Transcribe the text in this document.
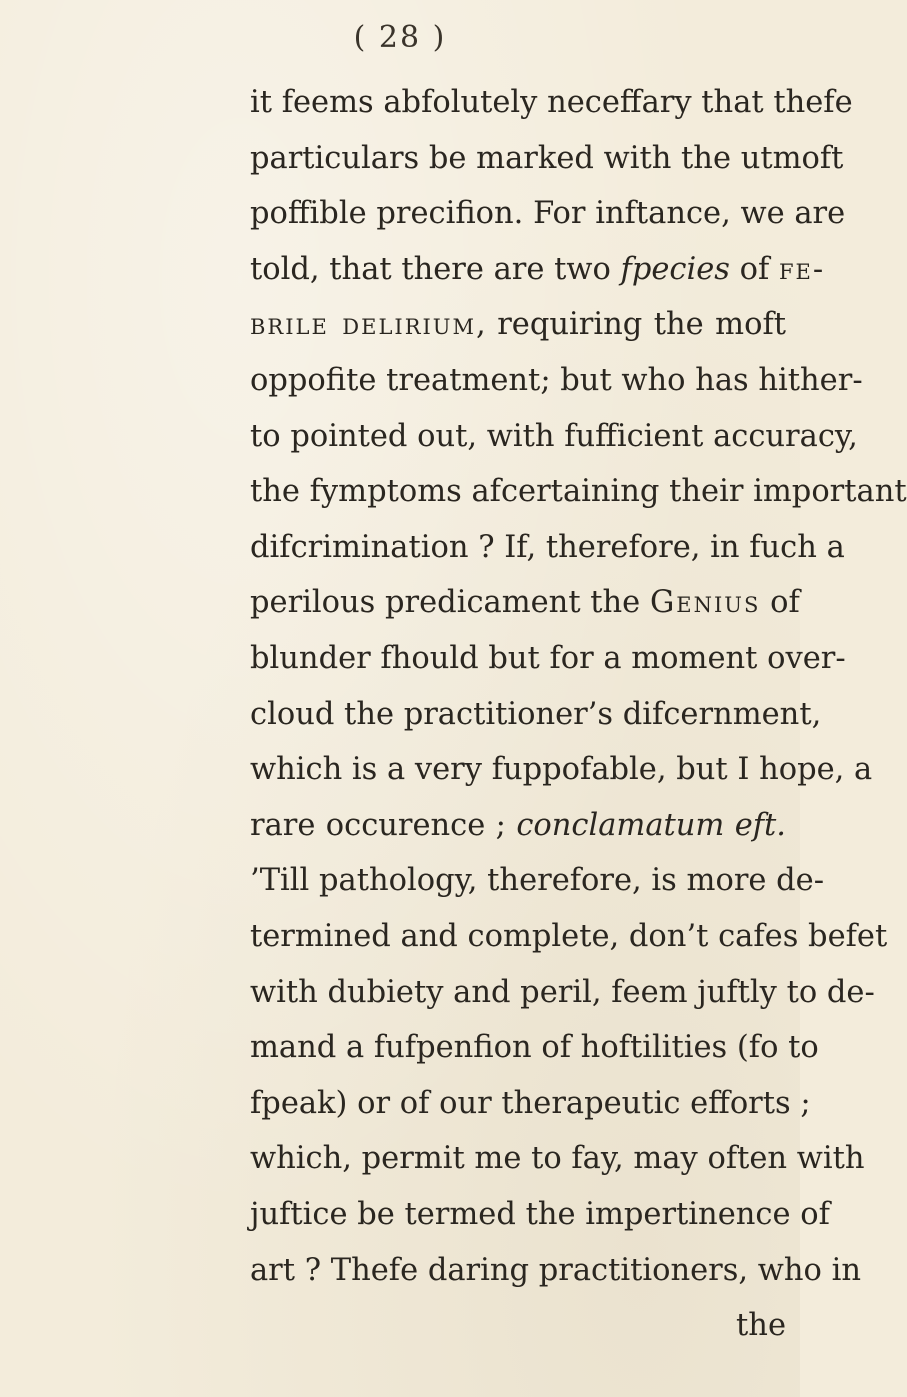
( 28 )
it feems abfolutely neceffary that thefe
particulars be marked with the utmoft
poffible precifion. For inftance, we are
told, that there are two fpecies of fe-
brile delirium, requiring the moft
oppofite treatment; but who has hither-
to pointed out, with fufficient accuracy,
the fymptoms afcertaining their important
difcrimination ? If, therefore, in fuch a
perilous predicament the Genius of
blunder fhould but for a moment over-
cloud the practitioner’s difcernment,
which is a very fuppofable, but I hope, a
rare occurence ; conclamatum eft.
’Till pathology, therefore, is more de-
termined and complete, don’t cafes befet
with dubiety and peril, feem juftly to de-
mand a fufpenfion of hoftilities (fo to
fpeak) or of our therapeutic efforts ;
which, permit me to fay, may often with
juftice be termed the impertinence of
art ? Thefe daring practitioners, who in
the
